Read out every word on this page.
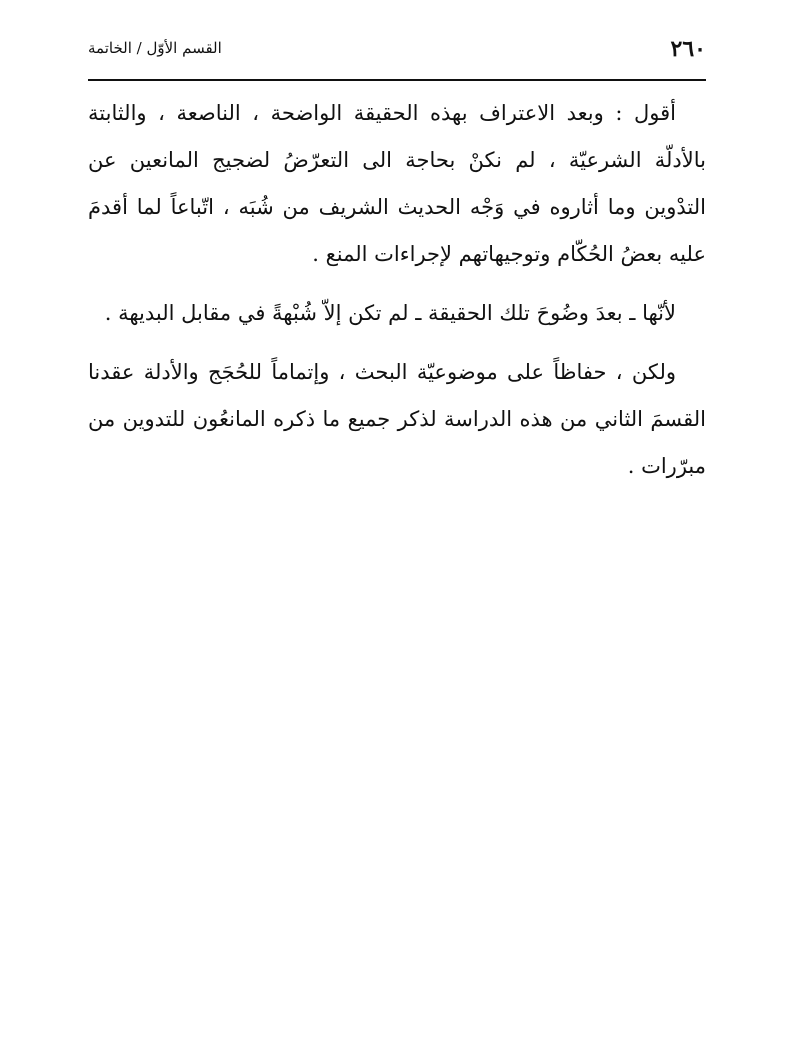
٢٦٠
القسم الأوّل / الخاتمة

أقول : وبعد الاعتراف بهذه الحقيقة الواضحة ، الناصعة ، والثابتة بالأدلّة الشرعيّة ، لم نكنْ بحاجة الى التعرّضُ لضجيج المانعين عن التدْوين وما أثاروه في وَجْه الحديث الشريف من شُبَه ، اتّباعاً لما أقدمَ عليه بعضُ الحُكّام وتوجيهاتهم لإجراءات المنع .

لأنّها ـ بعدَ وضُوحَ تلك الحقيقة ـ لم تكن إلاّ شُبْهةً في مقابل البديهة .

ولكن ، حفاظاً على موضوعيّة البحث ، وإتماماً للحُجَج والأدلة عقدنا القسمَ الثاني من هذه الدراسة لذكر جميع ما ذكره المانعُون للتدوين من مبرّرات .
